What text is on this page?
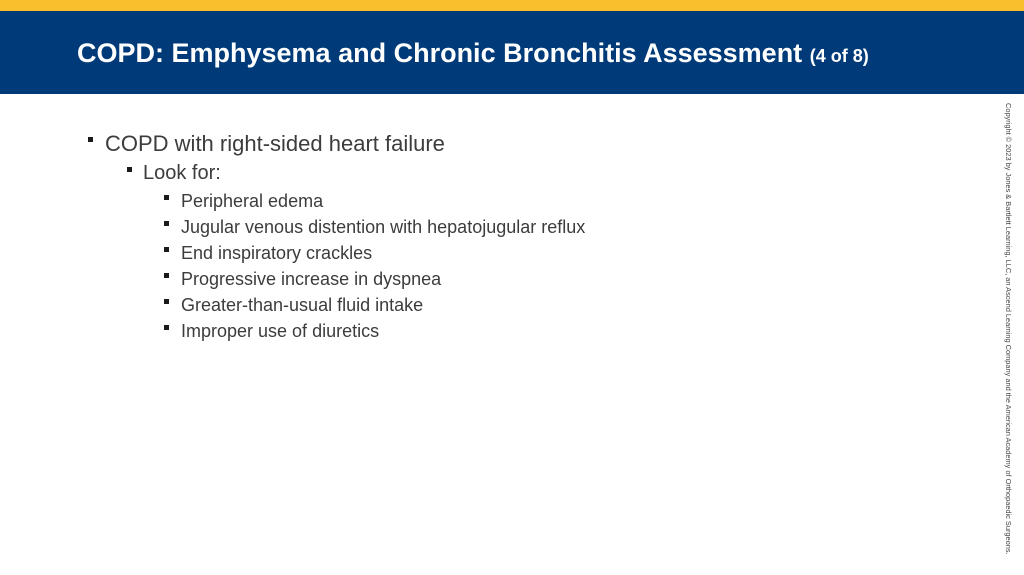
COPD: Emphysema and Chronic Bronchitis Assessment (4 of 8)
COPD with right-sided heart failure
Look for:
Peripheral edema
Jugular venous distention with hepatojugular reflux
End inspiratory crackles
Progressive increase in dyspnea
Greater-than-usual fluid intake
Improper use of diuretics	Copyright © 2023 by Jones & Bartlett Learning, LLC, an Ascend Learning Company and the American Academy of Orthopaedic Surgeons.
